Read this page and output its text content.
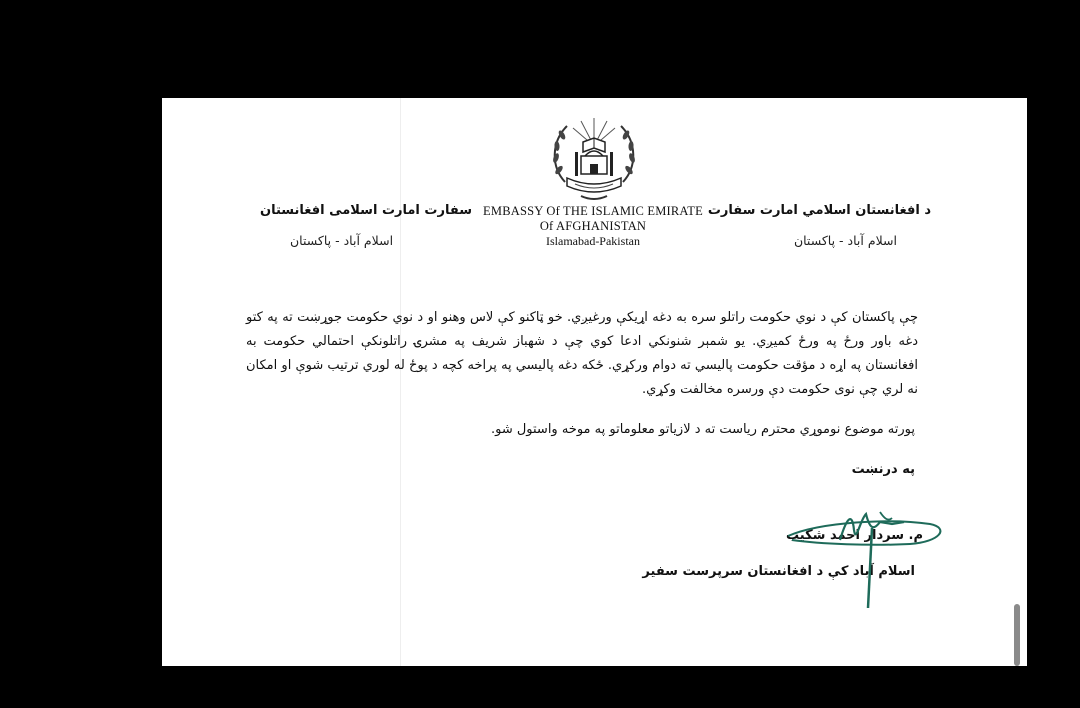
د افغانستان اسلامي امارت سفارت
اسلام آباد - پاکستان
سفارت امارت اسلامی افغانستان
اسلام آباد - پاکستان
EMBASSY Of THE ISLAMIC EMIRATE
Of AFGHANISTAN
Islamabad-Pakistan
چې پاکستان کې د نوي حکومت راتلو سره به دغه اړیکې ورغیږي. خو ټاکنو کې لاس وهنو او د نوي حکومت جوړښت ته په کتو دغه باور ورځ په ورځ کمیږي. یو شمېر شنونکي ادعا کوي چې د شهباز شریف په مشرۍ راتلونکې احتمالي حکومت به افغانستان په اړه د مؤقت حکومت پالیسي ته دوام ورکړي. ځکه دغه پالیسي په پراخه کچه د پوځ له لوري ترتیب شوې او امکان نه لري چې نوی حکومت دې ورسره مخالفت وکړي.
پورته موضوع نوموړي محترم ریاست ته د لازیاتو معلوماتو په موخه واستول شو.
په درنښت
م. سردار احمد شکیب
اسلام آباد کې د افغانستان سرپرست سفیر
